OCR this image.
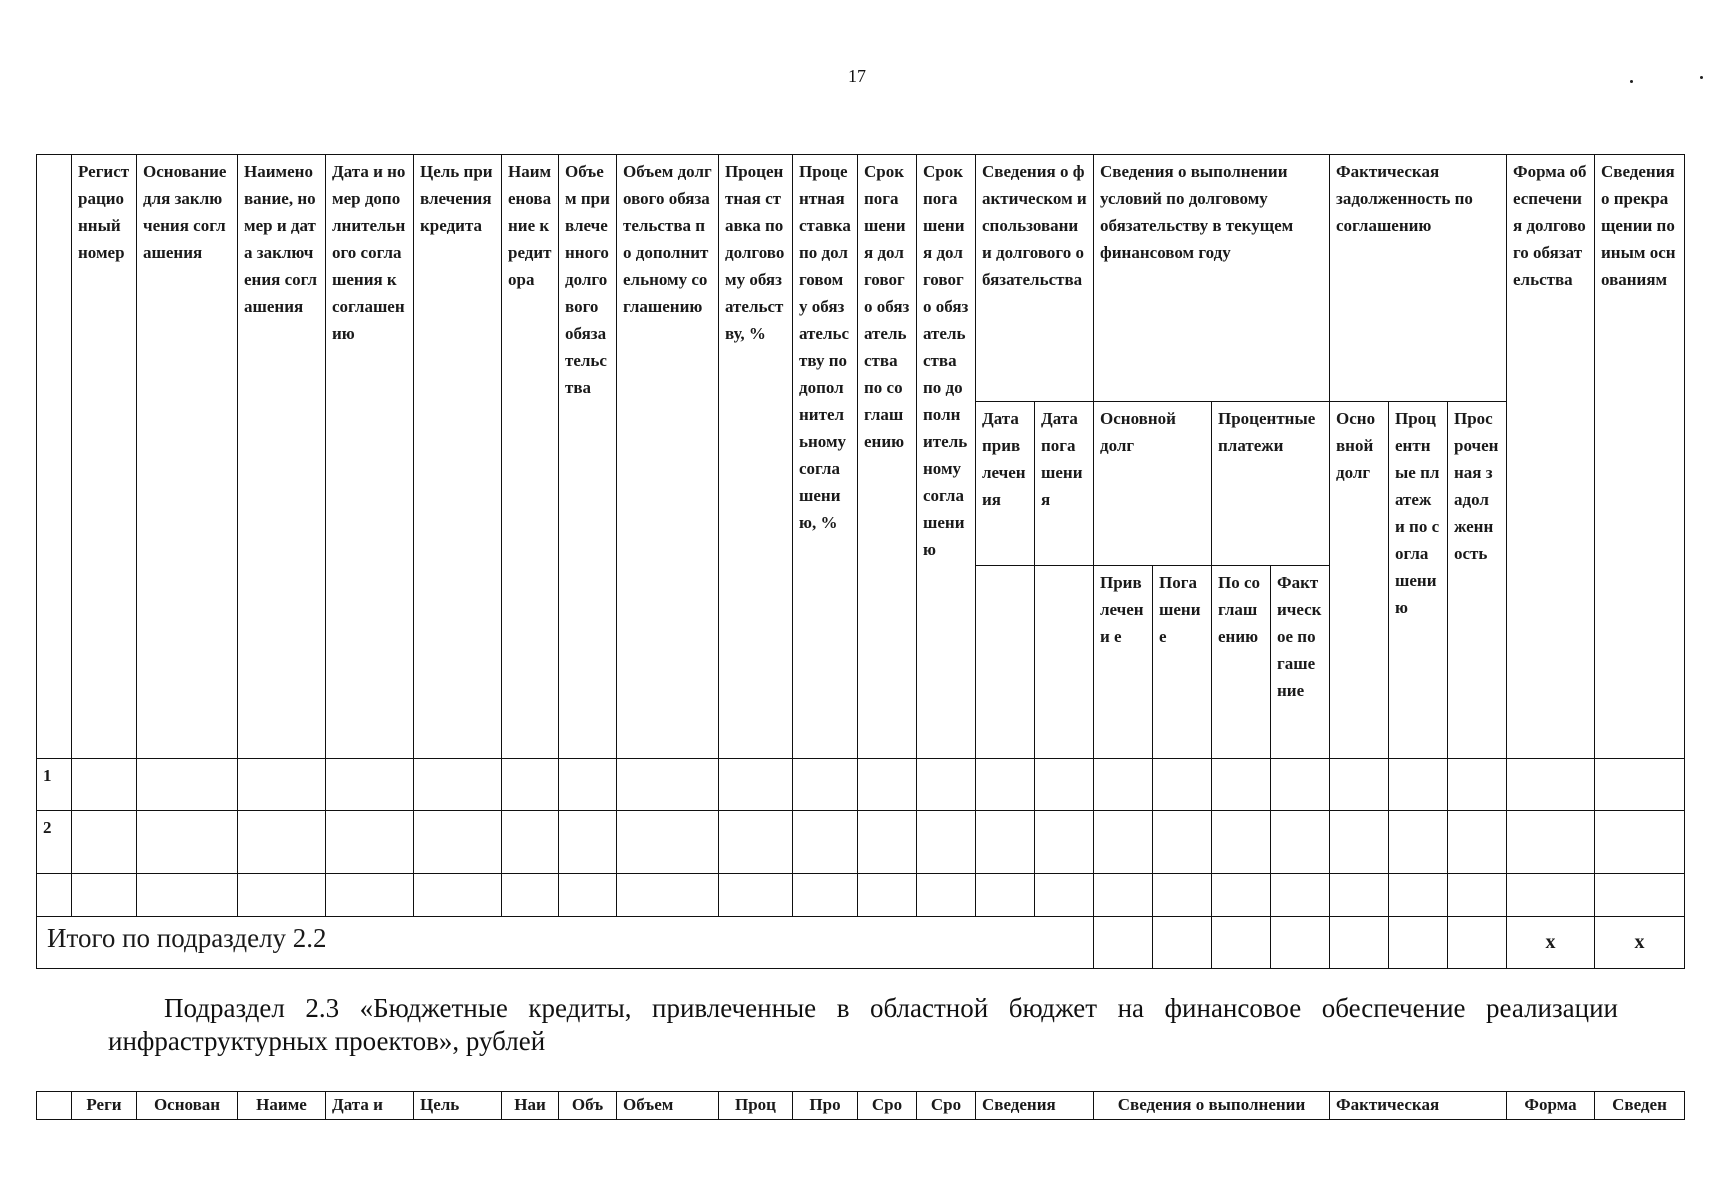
17
	Регистрационный номер	Основание для заключения соглашения	Наименование, номер и дата заключения соглашения	Дата и номер дополнительного соглашения к соглашению	Цель привлечения кредита	Наименование кредитора	Объем привлеченного долгового обязательства	Объем долгового обязательства по дополнительному соглашению	Процентная ставка по долговому обязательству, %	Процентная ставка по долговому обязательству по дополнительному соглашению, %	Срок погашения долгового обязательства по соглашению	Срок погашения долгового обязательства по дополнительному соглашению	Сведения о фактическом использовании долгового обязательства		Сведения о выполнении условий по долговому обязательству в текущем финансовом году				Фактическая задолженность по соглашению			Форма обеспечения долгового обязательства	Сведения о прекращении по иным основаниям
													Дата привлечения	Дата погашения	Основной долг		Процентные платежи		Основной долг	Процентные платежи по соглашению	Просроченная задолженность		
															Привлечени е	Погашение	По соглашению	Фактическое погашение					
1																							
2																							

Итого по подразделу 2.2																						х	х
Подраздел 2.3 «Бюджетные кредиты, привлеченные в областной бюджет на финансовое обеспечение реализации инфраструктурных проектов», рублей
	Реги	Основан	Наиме	Дата и	Цель	Наи	Объ	Объем	Проц	Про	Сро	Сро	Сведения	Сведения о выполнении	Фактическая	Форма	Сведен
